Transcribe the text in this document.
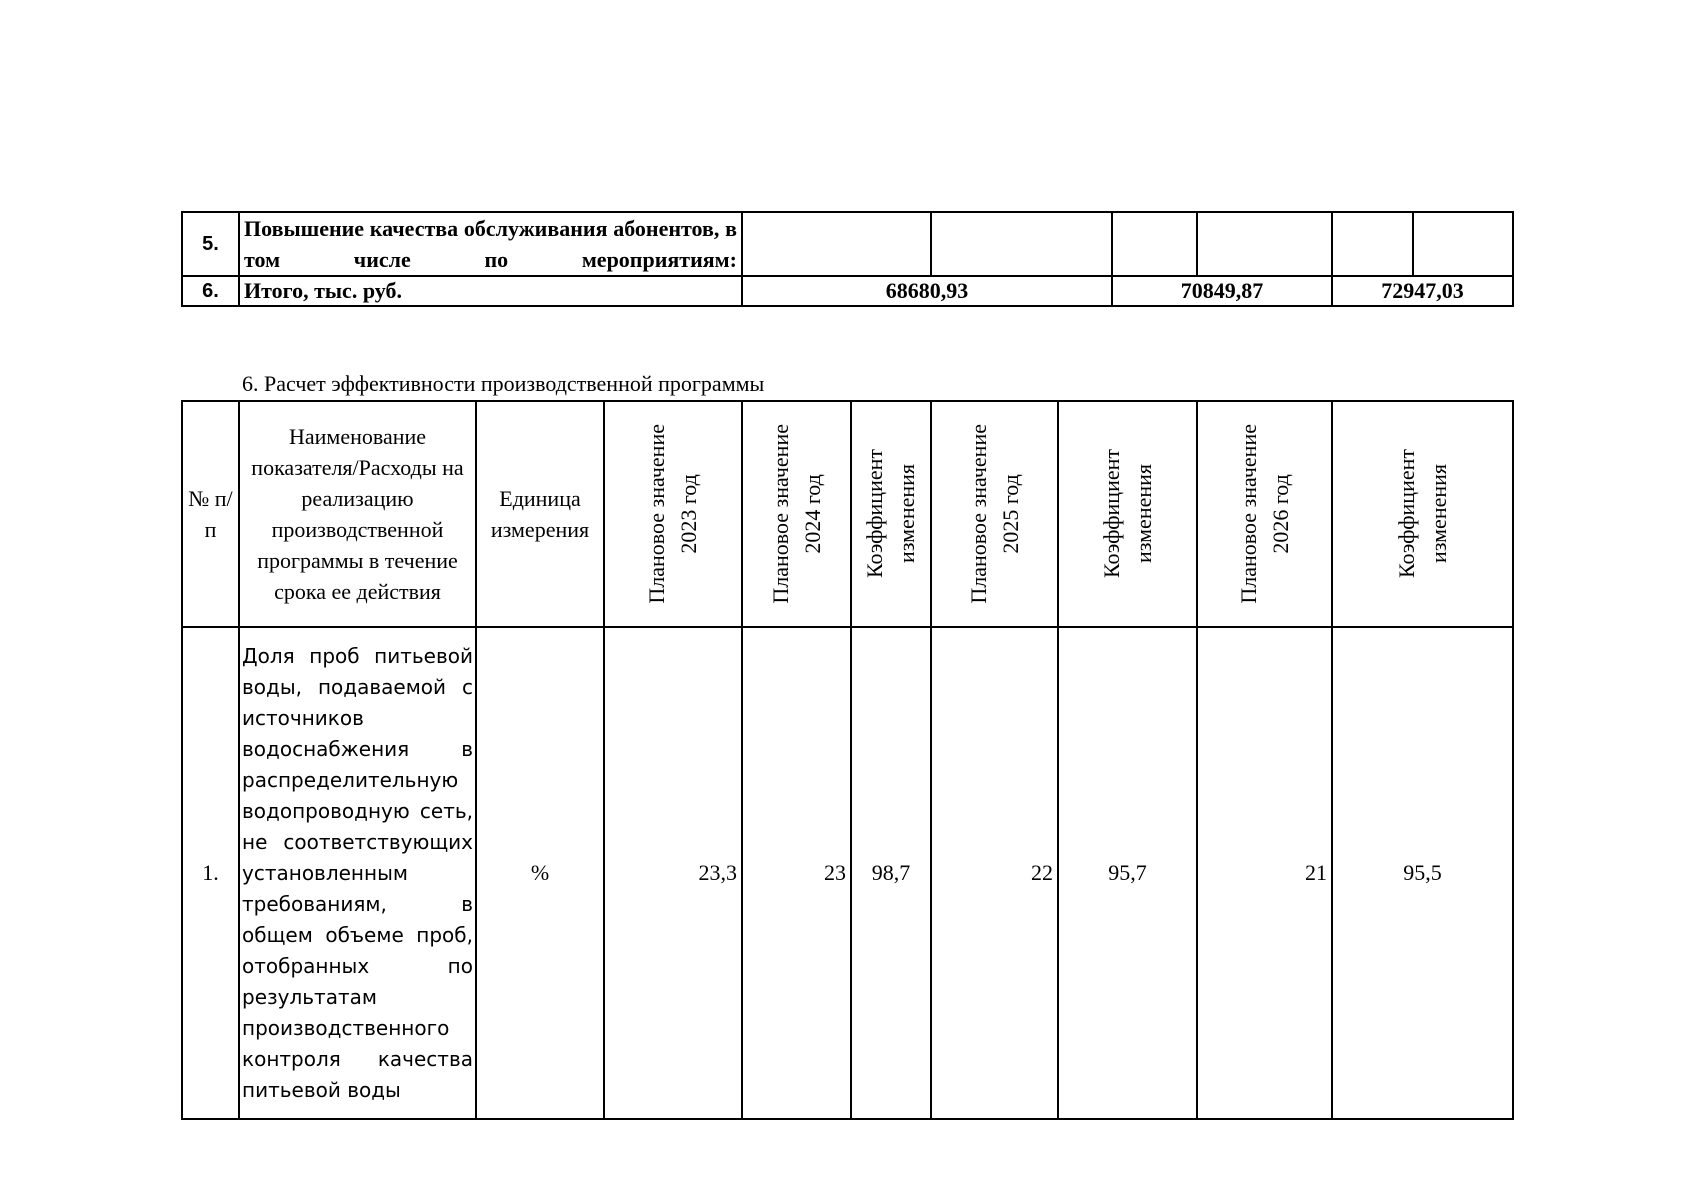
5.	Повышение качества обслуживания абонентов, в том числе по мероприятиям:						
6.	Итого, тыс. руб.	68680,93		70849,87		72947,03	

6. Расчет эффективности производственной программы

№ п/п	Наименование показателя/Расходы на реализацию производственной программы в течение срока ее действия	Единица измерения	Плановое значение 2023 год	Плановое значение 2024 год	Коэффициент изменения	Плановое значение 2025 год	Коэффициент изменения	Плановое значение 2026 год	Коэффициент изменения

1.	Доля проб питьевой воды, подаваемой с источников водоснабжения в распределительную водопроводную сеть, не соответствующих установленным требованиям, в общем объеме проб, отобранных по результатам производственного контроля качества питьевой воды	%	23,3	23	98,7	22	95,7	21	95,5
